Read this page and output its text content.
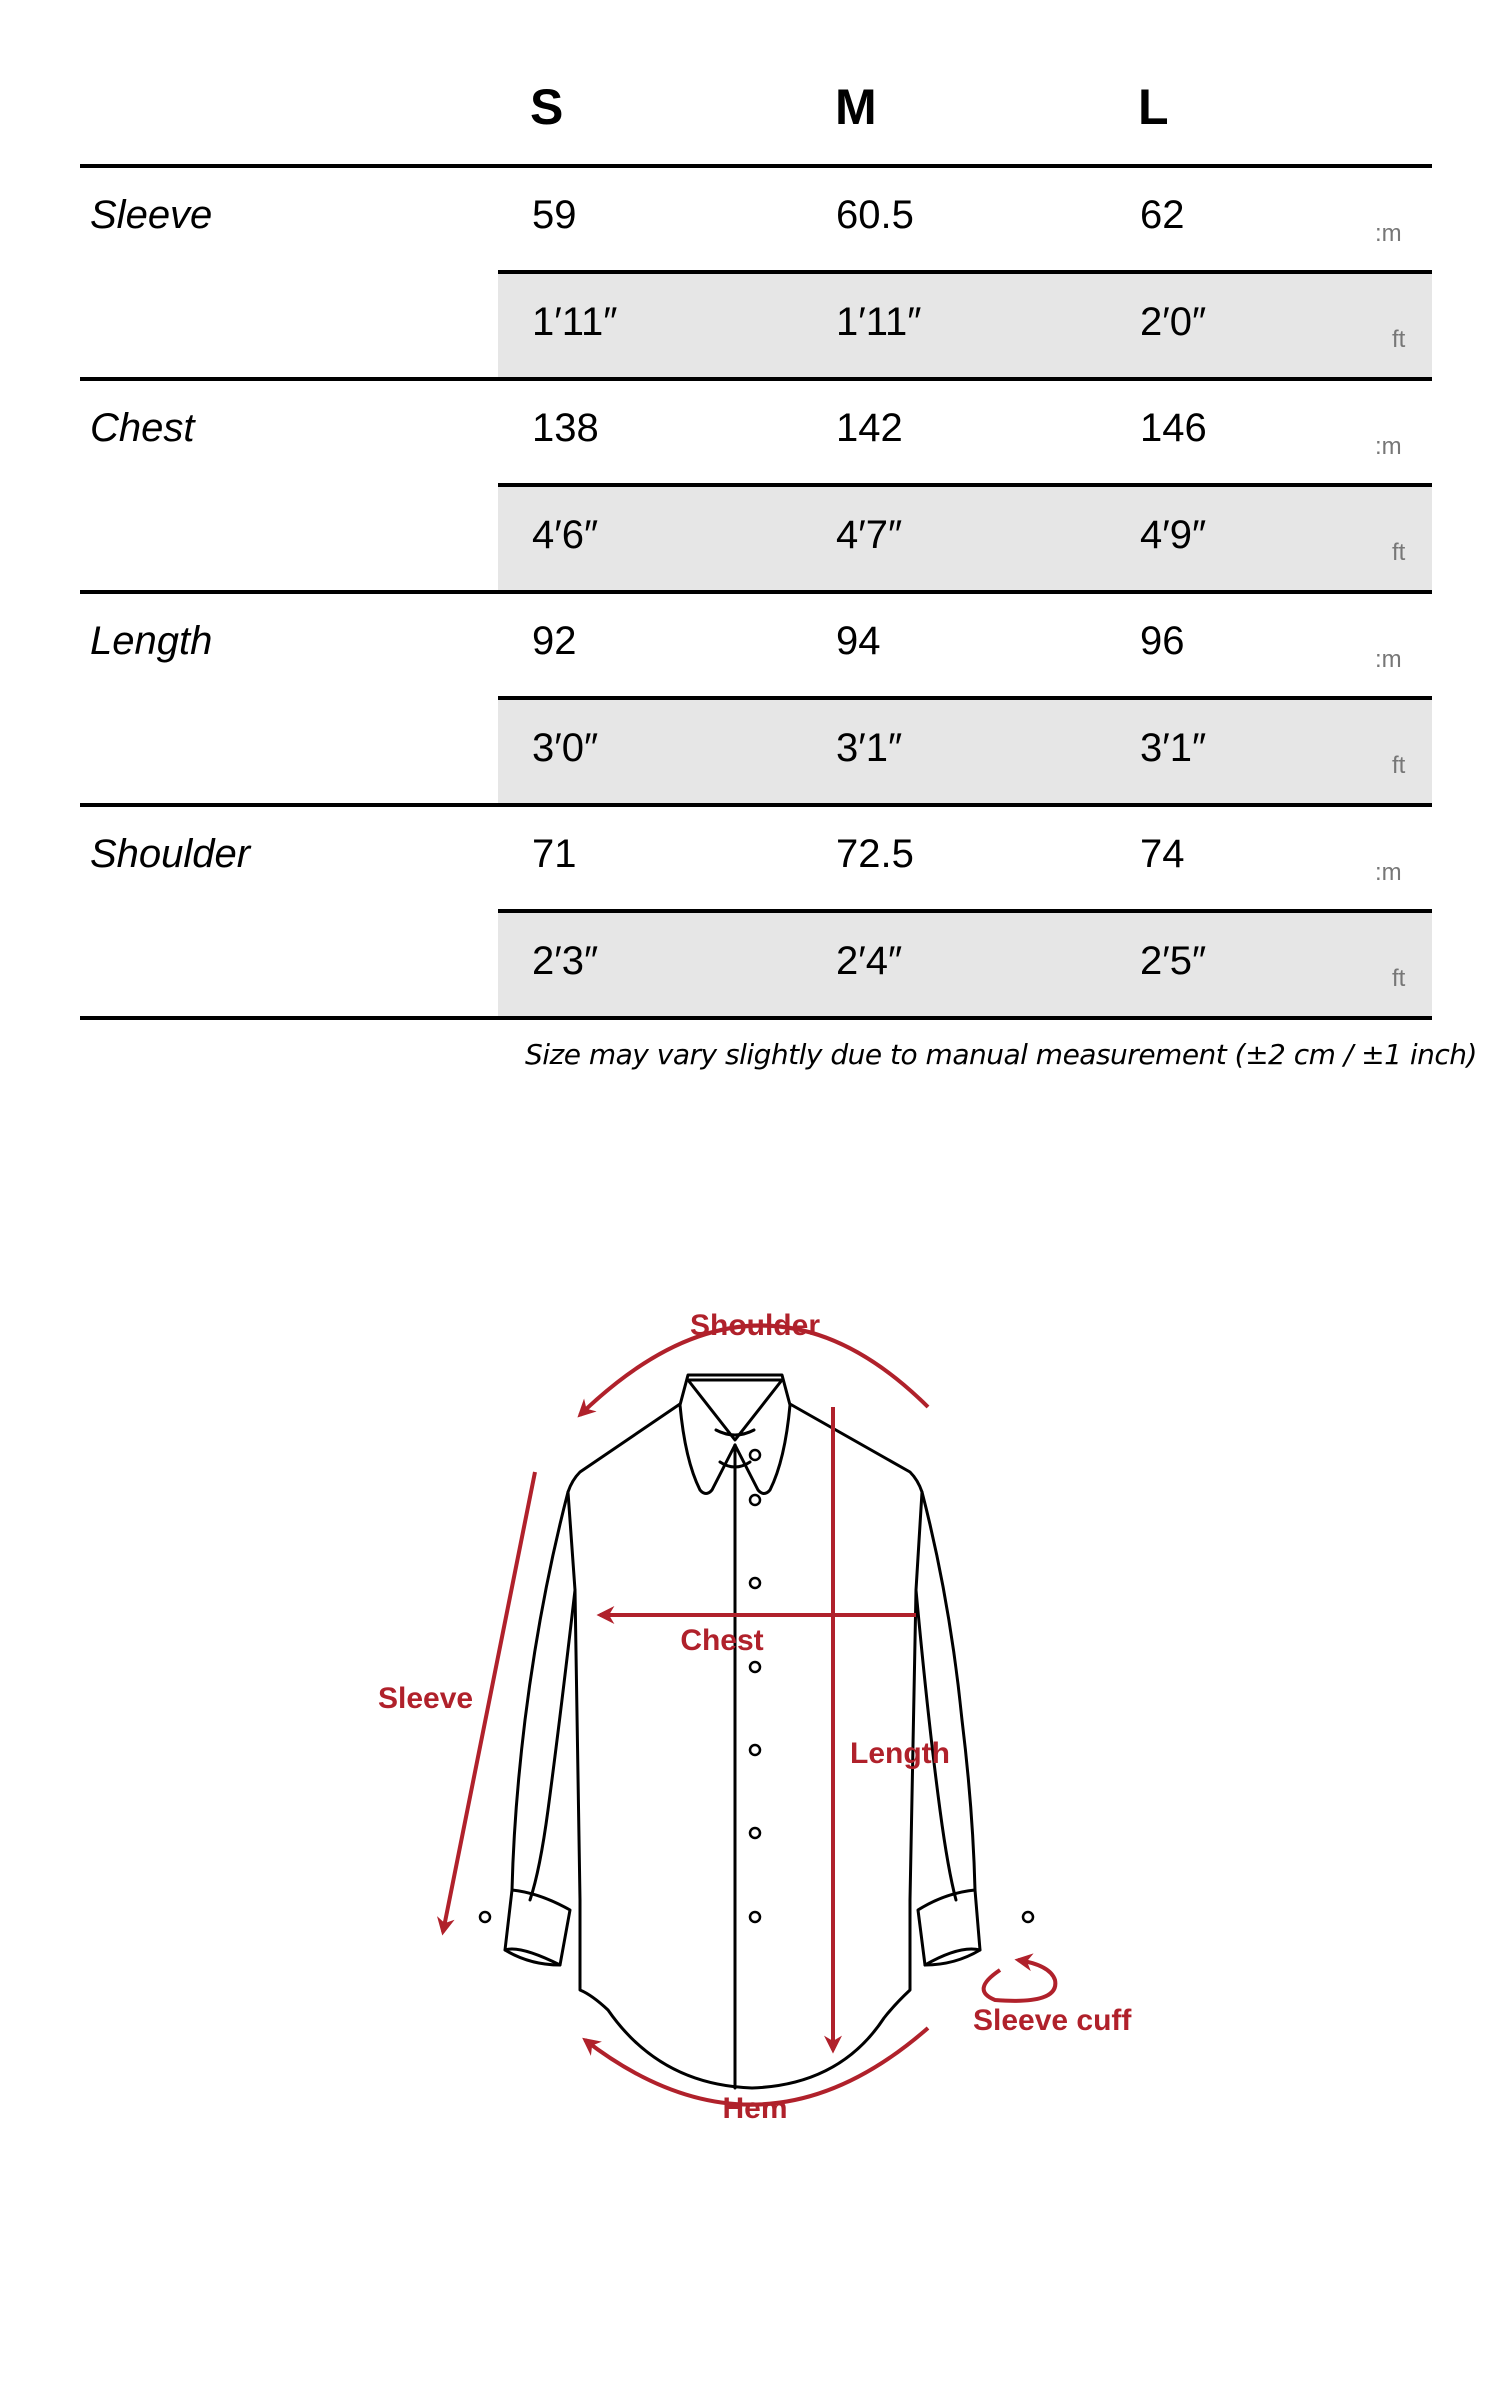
S	M	L
Sleeve	59	60.5	62	:m
1′11″	1′11″	2′0″	ft
Chest	138	142	146	:m
4′6″	4′7″	4′9″	ft
Length	92	94	96	:m
3′0″	3′1″	3′1″	ft
Shoulder	71	72.5	74	:m
2′3″	2′4″	2′5″	ft
Size may vary slightly due to manual measurement (±2 cm / ±1 inch)
Shoulder
Chest
Sleeve
Length
Sleeve cuff
Hem
